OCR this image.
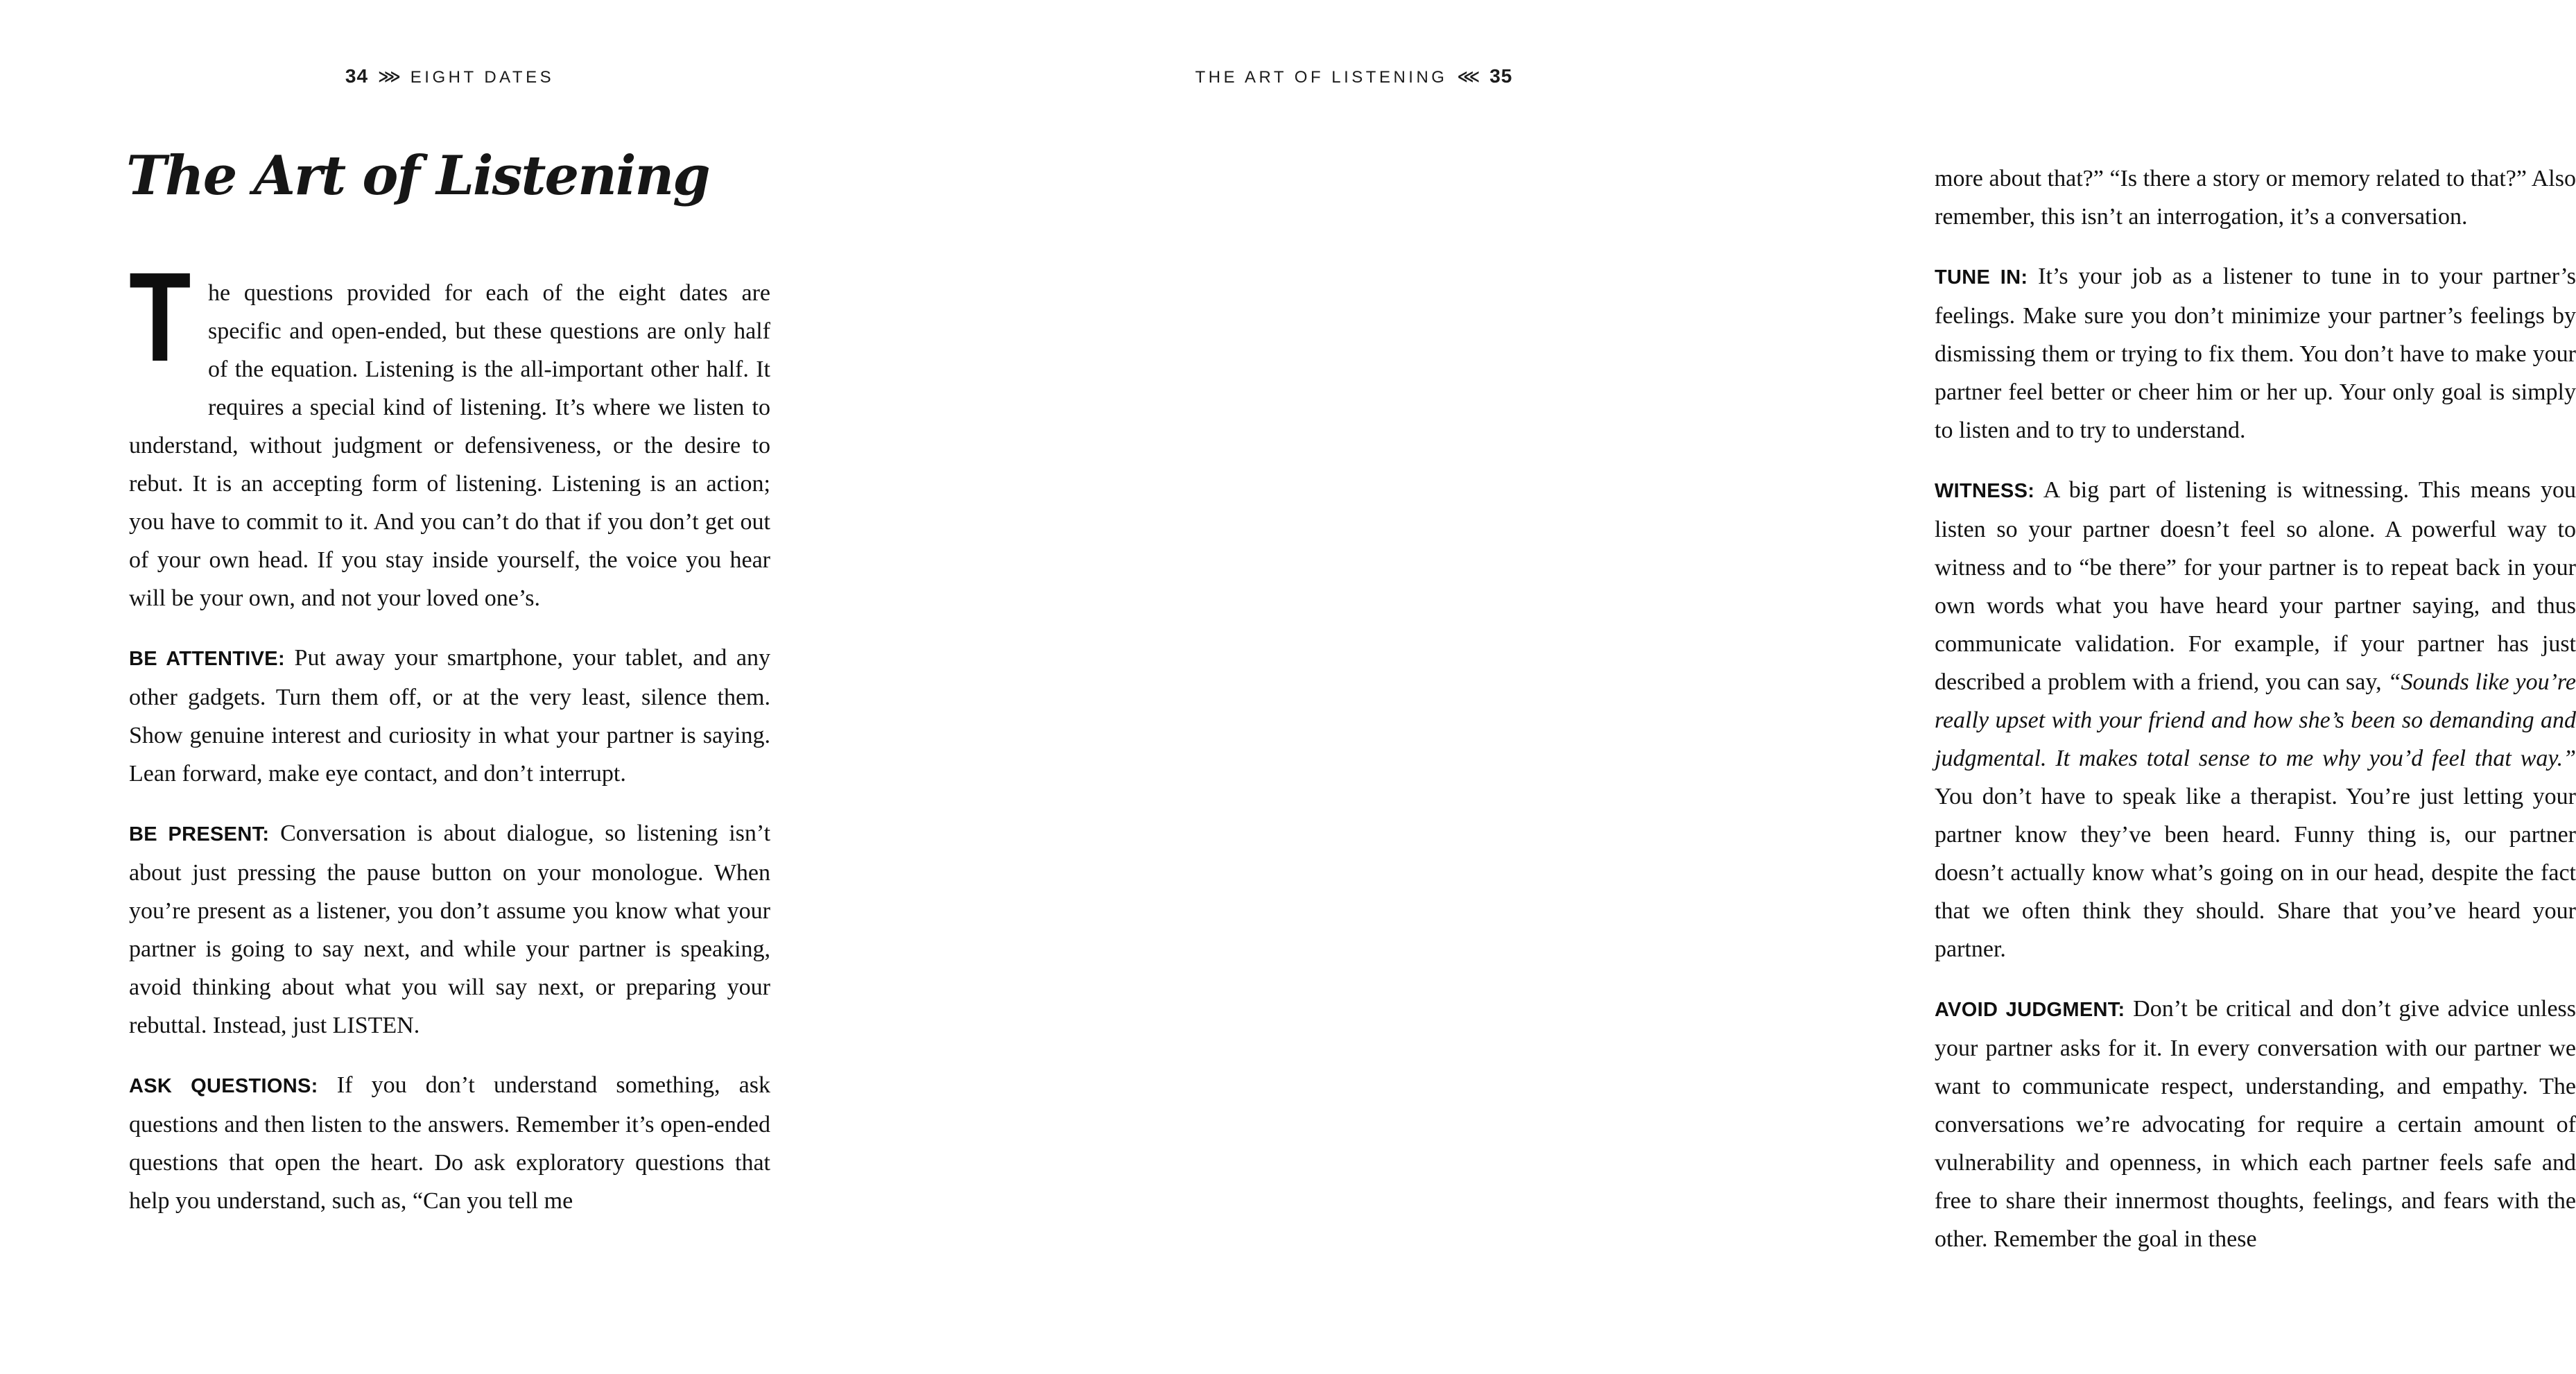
34 ⋙ EIGHT DATES
The Art of Listening

T he questions provided for each of the eight dates are specific and open-ended, but these questions are only half of the equation. Listening is the all-important other half. It requires a special kind of listening. It’s where we listen to understand, without judgment or defensiveness, or the desire to rebut. It is an accepting form of listening. Listening is an action; you have to commit to it. And you can’t do that if you don’t get out of your own head. If you stay inside yourself, the voice you hear will be your own, and not your loved one’s.

BE ATTENTIVE: Put away your smartphone, your tablet, and any other gadgets. Turn them off, or at the very least, silence them. Show genuine interest and curiosity in what your partner is saying. Lean forward, make eye contact, and don’t interrupt.

BE PRESENT: Conversation is about dialogue, so listening isn’t about just pressing the pause button on your monologue. When you’re present as a listener, you don’t assume you know what your partner is going to say next, and while your partner is speaking, avoid thinking about what you will say next, or preparing your rebuttal. Instead, just LISTEN.

ASK QUESTIONS: If you don’t understand something, ask questions and then listen to the answers. Remember it’s open-ended questions that open the heart. Do ask exploratory questions that help you understand, such as, “Can you tell me

THE ART OF LISTENING ⋘ 35

more about that?” “Is there a story or memory related to that?” Also remember, this isn’t an interrogation, it’s a conversation.

TUNE IN: It’s your job as a listener to tune in to your partner’s feelings. Make sure you don’t minimize your partner’s feelings by dismissing them or trying to fix them. You don’t have to make your partner feel better or cheer him or her up. Your only goal is simply to listen and to try to understand.

WITNESS: A big part of listening is witnessing. This means you listen so your partner doesn’t feel so alone. A powerful way to witness and to “be there” for your partner is to repeat back in your own words what you have heard your partner saying, and thus communicate validation. For example, if your partner has just described a problem with a friend, you can say, “Sounds like you’re really upset with your friend and how she’s been so demanding and judgmental. It makes total sense to me why you’d feel that way.” You don’t have to speak like a therapist. You’re just letting your partner know they’ve been heard. Funny thing is, our partner doesn’t actually know what’s going on in our head, despite the fact that we often think they should. Share that you’ve heard your partner.

AVOID JUDGMENT: Don’t be critical and don’t give advice unless your partner asks for it. In every conversation with our partner we want to communicate respect, understanding, and empathy. The conversations we’re advocating for require a certain amount of vulnerability and openness, in which each partner feels safe and free to share their innermost thoughts, feelings, and fears with the other. Remember the goal in these
